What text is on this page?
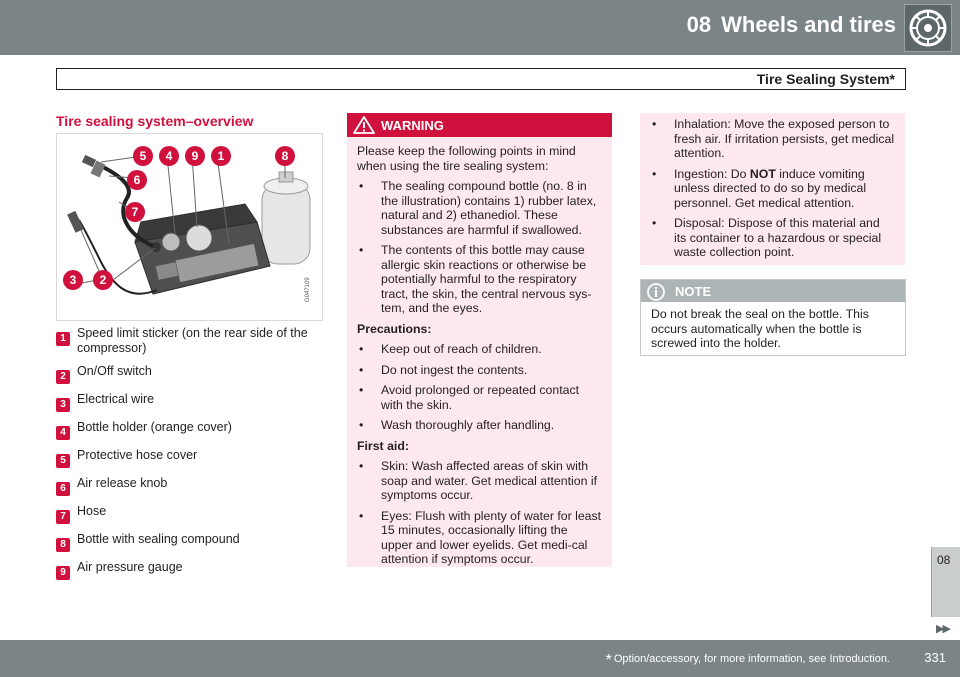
08 Wheels and tires
Tire Sealing System*
Tire sealing system–overview
5 4 9 1	8
6
7
3 2	G047109
1 Speed limit sticker (on the rear side of the compressor)
2 On/Off switch
3 Electrical wire
4 Bottle holder (orange cover)
5 Protective hose cover
6 Air release knob
7 Hose
8 Bottle with sealing compound
9 Air pressure gauge
WARNING

Please keep the following points in mind when using the tire sealing system:

•	The sealing compound bottle (no. 8 in the illustration) contains 1) rubber latex, natural and 2) ethanediol. These substances are harmful if swallowed.
•	The contents of this bottle may cause allergic skin reactions or otherwise be potentially harmful to the respiratory tract, the skin, the central nervous sys-tem, and the eyes.
Precautions:
•	Keep out of reach of children.
•	Do not ingest the contents.
•	Avoid prolonged or repeated contact with the skin.
•	Wash thoroughly after handling.
First aid:
•	Skin: Wash affected areas of skin with soap and water. Get medical attention if symptoms occur.
•	Eyes: Flush with plenty of water for least 15 minutes, occasionally lifting the upper and lower eyelids. Get medi-cal attention if symptoms occur.
•	Inhalation: Move the exposed person to fresh air. If irritation persists, get medical attention.
•	Ingestion: Do NOT induce vomiting unless directed to do so by medical personnel. Get medical attention.
•	Disposal: Dispose of this material and its container to a hazardous or special waste collection point.
NOTE
Do not break the seal on the bottle. This occurs automatically when the bottle is screwed into the holder.
08
▶▶
* Option/accessory, for more information, see Introduction.	331
